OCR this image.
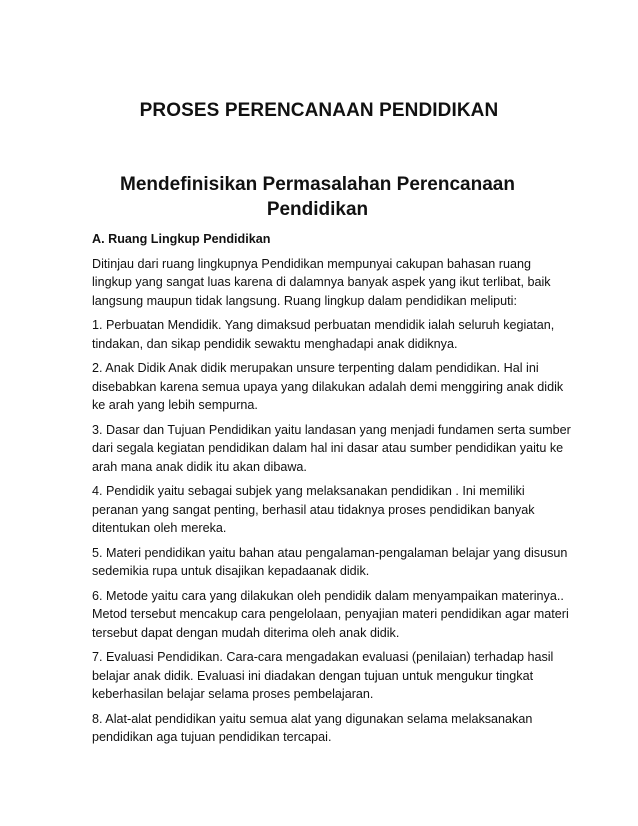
PROSES PERENCANAAN PENDIDIKAN
Mendefinisikan Permasalahan Perencanaan Pendidikan

A. Ruang Lingkup Pendidikan

Ditinjau dari ruang lingkupnya Pendidikan mempunyai cakupan bahasan ruang lingkup yang sangat luas karena di dalamnya banyak aspek yang ikut terlibat, baik langsung maupun tidak langsung. Ruang lingkup dalam pendidikan meliputi:

1. Perbuatan Mendidik. Yang dimaksud perbuatan mendidik ialah seluruh kegiatan, tindakan, dan sikap pendidik sewaktu menghadapi anak didiknya.

2. Anak Didik Anak didik merupakan unsure terpenting dalam pendidikan. Hal ini disebabkan karena semua upaya yang dilakukan adalah demi menggiring anak didik ke arah yang lebih sempurna.

3. Dasar dan Tujuan Pendidikan yaitu landasan yang menjadi fundamen serta sumber dari segala kegiatan pendidikan dalam hal ini dasar atau sumber pendidikan yaitu ke arah mana anak didik itu akan dibawa.

4. Pendidik yaitu sebagai subjek yang melaksanakan pendidikan . Ini memiliki peranan yang sangat penting, berhasil atau tidaknya proses pendidikan banyak ditentukan oleh mereka.

5. Materi pendidikan yaitu bahan atau pengalaman-pengalaman belajar yang disusun sedemikia rupa untuk disajikan kepadaanak didik.

6. Metode yaitu cara yang dilakukan oleh pendidik dalam menyampaikan materinya.. Metod tersebut mencakup cara pengelolaan, penyajian materi pendidikan agar materi tersebut dapat dengan mudah diterima oleh anak didik.

7. Evaluasi Pendidikan. Cara-cara mengadakan evaluasi (penilaian) terhadap hasil belajar anak didik. Evaluasi ini diadakan dengan tujuan untuk mengukur tingkat keberhasilan belajar selama proses pembelajaran.

8. Alat-alat pendidikan yaitu semua alat yang digunakan selama melaksanakan pendidikan aga tujuan pendidikan tercapai.
